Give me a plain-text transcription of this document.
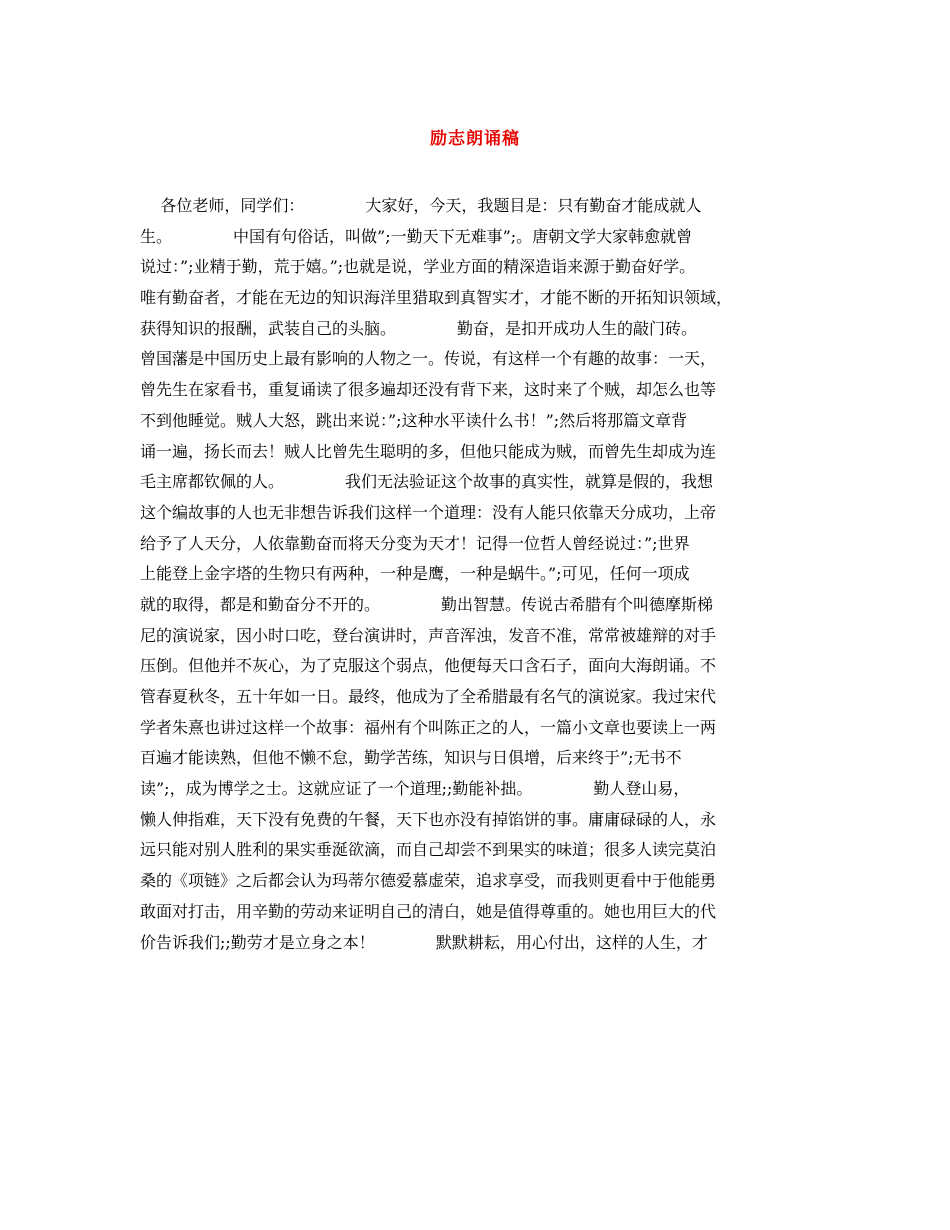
励志朗诵稿
各位老师，同学们：            大家好，今天，我题目是：只有勤奋才能成就人
生。            中国有句俗话，叫做”;一勤天下无难事”;。唐朝文学大家韩愈就曾
说过：”;业精于勤，荒于嬉。”;也就是说，学业方面的精深造诣来源于勤奋好学。
唯有勤奋者，才能在无边的知识海洋里猎取到真智实才，才能不断的开拓知识领域，
获得知识的报酬，武装自己的头脑。            勤奋，是扣开成功人生的敲门砖。
曾国藩是中国历史上最有影响的人物之一。传说，有这样一个有趣的故事：一天，
曾先生在家看书，重复诵读了很多遍却还没有背下来，这时来了个贼，却怎么也等
不到他睡觉。贼人大怒，跳出来说：”;这种水平读什么书！”;然后将那篇文章背
诵一遍，扬长而去！贼人比曾先生聪明的多，但他只能成为贼，而曾先生却成为连
毛主席都钦佩的人。            我们无法验证这个故事的真实性，就算是假的，我想
这个编故事的人也无非想告诉我们这样一个道理：没有人能只依靠天分成功，上帝
给予了人天分，人依靠勤奋而将天分变为天才！记得一位哲人曾经说过：”;世界
上能登上金字塔的生物只有两种，一种是鹰，一种是蜗牛。”;可见，任何一项成
就的取得，都是和勤奋分不开的。            勤出智慧。传说古希腊有个叫德摩斯梯
尼的演说家，因小时口吃，登台演讲时，声音浑浊，发音不准，常常被雄辩的对手
压倒。但他并不灰心，为了克服这个弱点，他便每天口含石子，面向大海朗诵。不
管春夏秋冬，五十年如一日。最终，他成为了全希腊最有名气的演说家。我过宋代
学者朱熹也讲过这样一个故事：福州有个叫陈正之的人，一篇小文章也要读上一两
百遍才能读熟，但他不懒不怠，勤学苦练，知识与日俱增，后来终于”;无书不
读”;，成为博学之士。这就应证了一个道理;;勤能补拙。            勤人登山易，
懒人伸指难，天下没有免费的午餐，天下也亦没有掉馅饼的事。庸庸碌碌的人，永
远只能对别人胜利的果实垂涎欲滴，而自己却尝不到果实的味道；很多人读完莫泊
桑的《项链》之后都会认为玛蒂尔德爱慕虚荣，追求享受，而我则更看中于他能勇
敢面对打击，用辛勤的劳动来证明自己的清白，她是值得尊重的。她也用巨大的代
价告诉我们;;勤劳才是立身之本！            默默耕耘，用心付出，这样的人生，才
